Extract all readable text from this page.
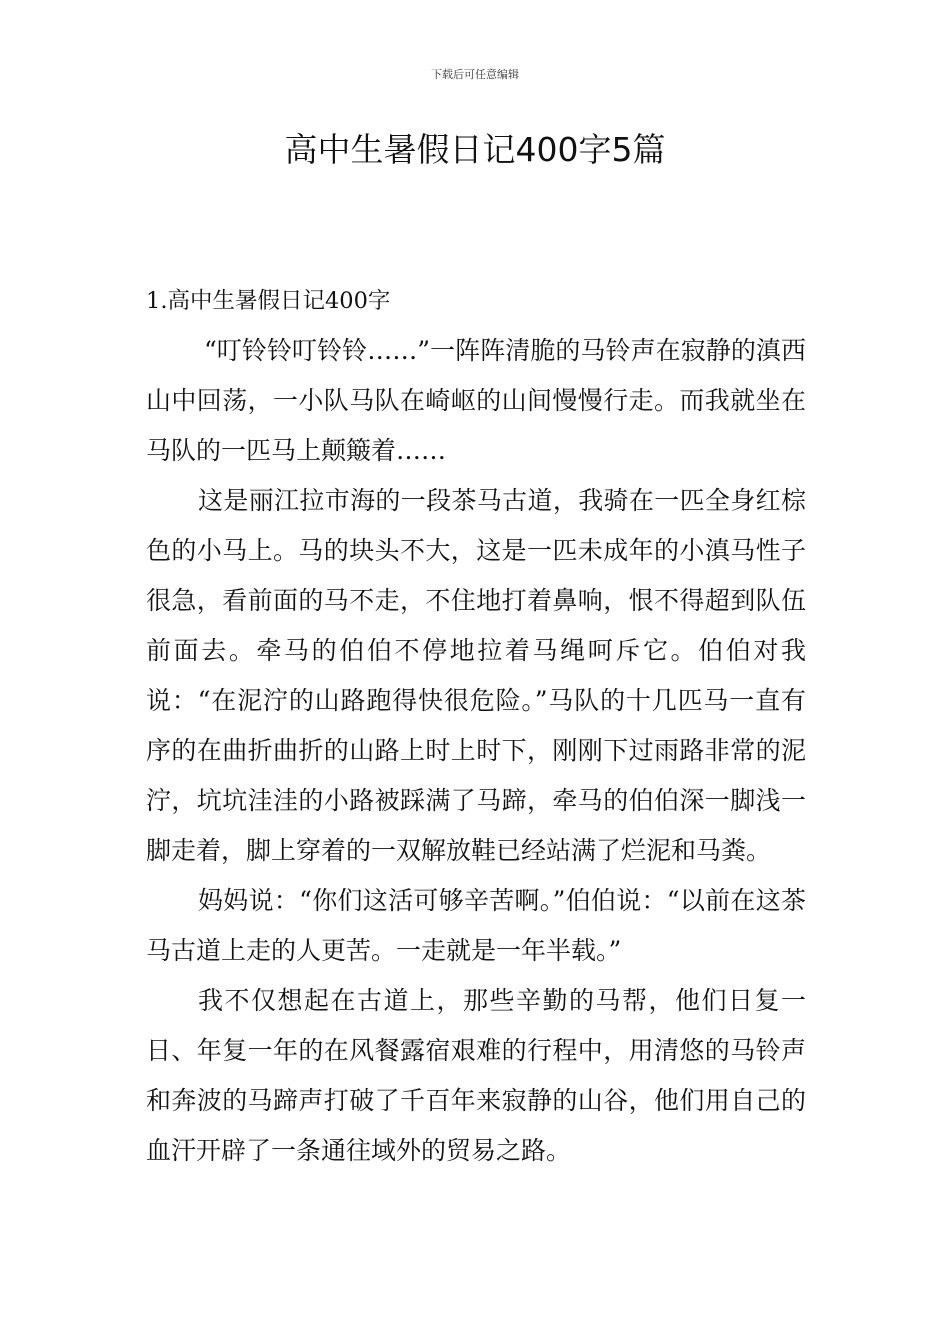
下载后可任意编辑
高中生暑假日记400字5篇

1.高中生暑假日记400字

“叮铃铃叮铃铃……”一阵阵清脆的马铃声在寂静的滇西山中回荡，一小队马队在崎岖的山间慢慢行走。而我就坐在马队的一匹马上颠簸着……

这是丽江拉市海的一段茶马古道，我骑在一匹全身红棕色的小马上。马的块头不大，这是一匹未成年的小滇马性子很急，看前面的马不走，不住地打着鼻响，恨不得超到队伍前面去。牵马的伯伯不停地拉着马绳呵斥它。伯伯对我说：“在泥泞的山路跑得快很危险。”马队的十几匹马一直有序的在曲折曲折的山路上时上时下，刚刚下过雨路非常的泥泞，坑坑洼洼的小路被踩满了马蹄，牵马的伯伯深一脚浅一脚走着，脚上穿着的一双解放鞋已经站满了烂泥和马粪。

妈妈说：“你们这活可够辛苦啊。”伯伯说：“以前在这茶马古道上走的人更苦。一走就是一年半载。”

我不仅想起在古道上，那些辛勤的马帮，他们日复一日、年复一年的在风餐露宿艰难的行程中，用清悠的马铃声和奔波的马蹄声打破了千百年来寂静的山谷，他们用自己的血汗开辟了一条通往域外的贸易之路。
